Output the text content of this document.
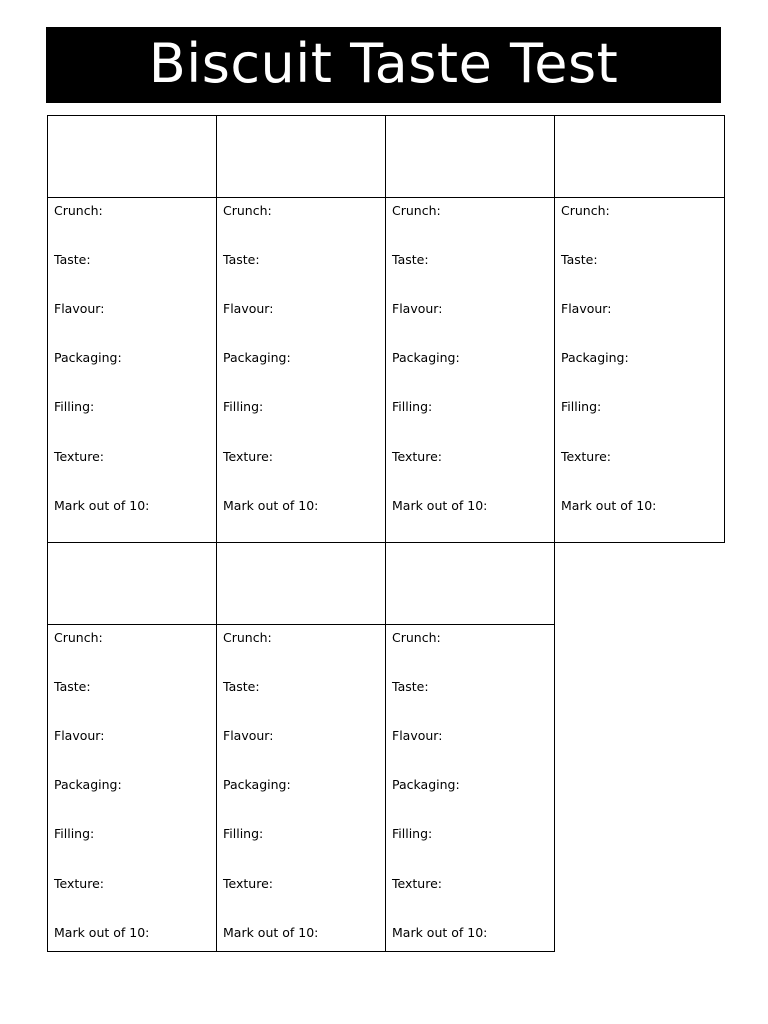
Biscuit Taste Test
Crunch:
Taste:
Flavour:
Packaging:
Filling:
Texture:
Mark out of 10:
Crunch:
Taste:
Flavour:
Packaging:
Filling:
Texture:
Mark out of 10:
Crunch:
Taste:
Flavour:
Packaging:
Filling:
Texture:
Mark out of 10:
Crunch:
Taste:
Flavour:
Packaging:
Filling:
Texture:
Mark out of 10:
Crunch:
Taste:
Flavour:
Packaging:
Filling:
Texture:
Mark out of 10:
Crunch:
Taste:
Flavour:
Packaging:
Filling:
Texture:
Mark out of 10:
Crunch:
Taste:
Flavour:
Packaging:
Filling:
Texture:
Mark out of 10:
